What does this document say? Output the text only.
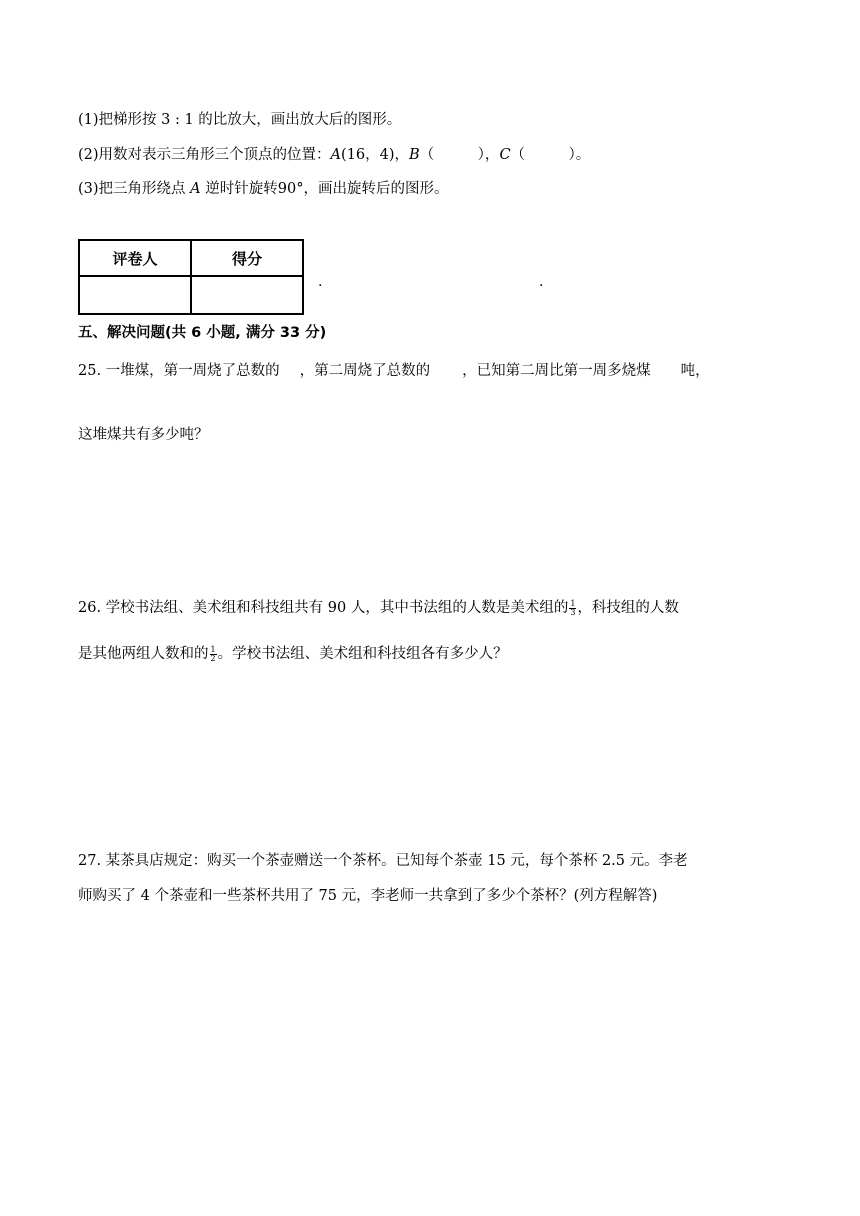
(1)把梯形按 3 : 1 的比放大，画出放大后的图形。
(2)用数对表示三角形三个顶点的位置：A(16，4)，B（　　　），C（　　　）。
(3)把三角形绕点 A 逆时针旋转90°，画出旋转后的图形。
评卷人	得分

.	.
五、解决问题(共 6 小题, 满分 33 分)
25. 一堆煤，第一周烧了总数的 ，第二周烧了总数的 ，已知第二周比第一周多烧煤 吨，
这堆煤共有多少吨？
26. 学校书法组、美术组和科技组共有 90 人，其中书法组的人数是美术组的 $\frac{1}{3}$ ，科技组的人数
是其他两组人数和的 $\frac{1}{2}$ 。学校书法组、美术组和科技组各有多少人？
27. 某茶具店规定：购买一个茶壶赠送一个茶杯。已知每个茶壶 15 元，每个茶杯 2.5 元。李老
师购买了 4 个茶壶和一些茶杯共用了 75 元，李老师一共拿到了多少个茶杯？(列方程解答)
